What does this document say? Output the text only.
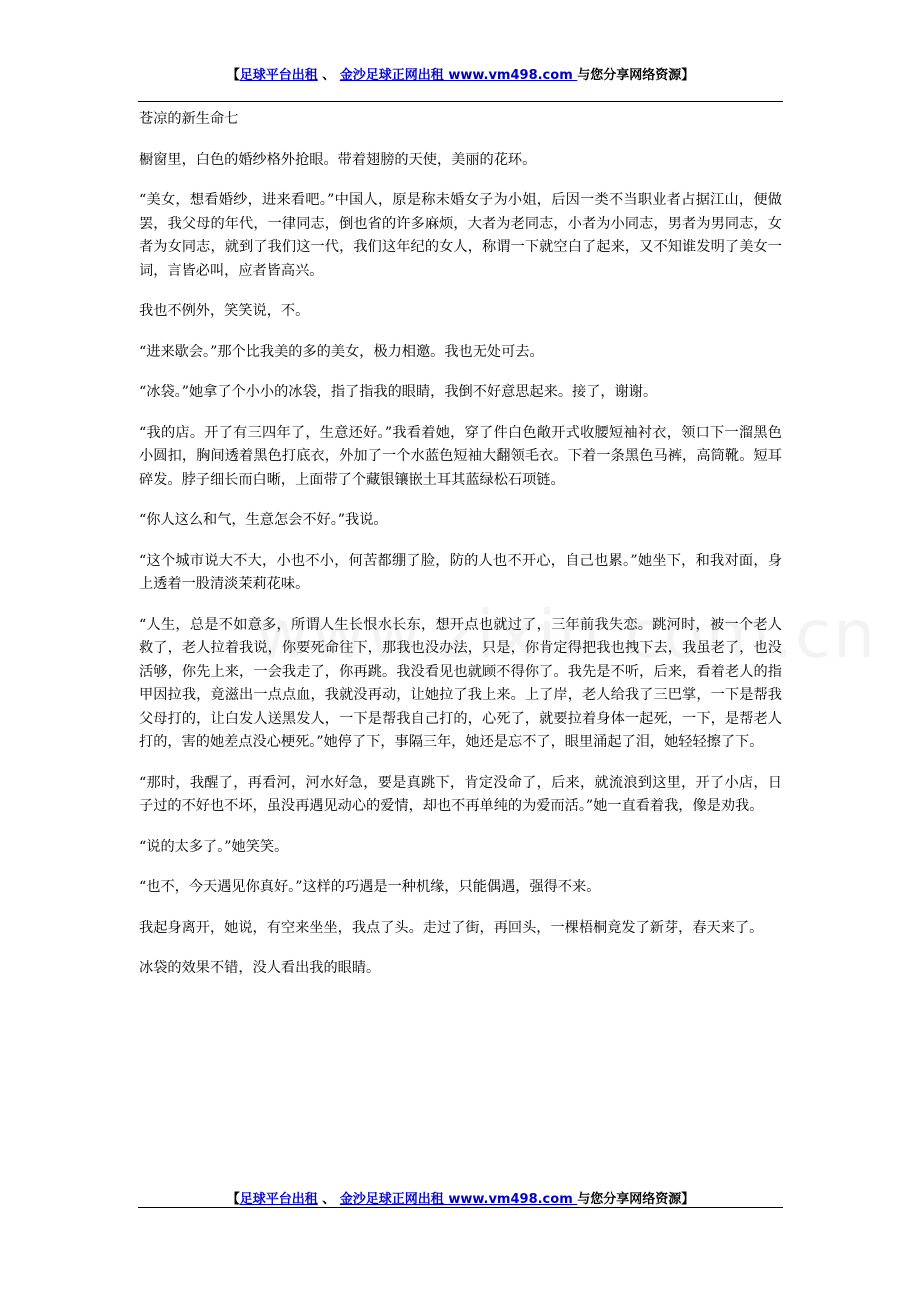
【足球平台出租 、 金沙足球正网出租 www.vm498.com 与您分享网络资源】

苍凉的新生命七

橱窗里，白色的婚纱格外抢眼。带着翅膀的天使，美丽的花环。

“美女，想看婚纱，进来看吧。”中国人，原是称未婚女子为小姐，后因一类不当职业者占据江山，便做罢，我父母的年代，一律同志，倒也省的许多麻烦，大者为老同志，小者为小同志，男者为男同志，女者为女同志，就到了我们这一代，我们这年纪的女人，称谓一下就空白了起来，又不知谁发明了美女一词，言皆必叫，应者皆高兴。

我也不例外，笑笑说，不。

“进来歇会。”那个比我美的多的美女，极力相邀。我也无处可去。

“冰袋。”她拿了个小小的冰袋，指了指我的眼睛，我倒不好意思起来。接了，谢谢。

“我的店。开了有三四年了，生意还好。”我看着她，穿了件白色敞开式收腰短袖衬衣，领口下一溜黑色小圆扣，胸间透着黑色打底衣，外加了一个水蓝色短袖大翻领毛衣。下着一条黑色马裤，高筒靴。短耳碎发。脖子细长而白晰，上面带了个藏银镶嵌土耳其蓝绿松石项链。

“你人这么和气，生意怎会不好。”我说。

“这个城市说大不大，小也不小，何苦都绷了脸，防的人也不开心，自己也累。”她坐下，和我对面，身上透着一股清淡茉莉花味。

“人生，总是不如意多，所谓人生长恨水长东，想开点也就过了，三年前我失恋。跳河时，被一个老人救了，老人拉着我说，你要死命往下，那我也没办法，只是，你肯定得把我也拽下去，我虽老了，也没活够，你先上来，一会我走了，你再跳。我没看见也就顾不得你了。我先是不听，后来，看着老人的指甲因拉我，竟滋出一点点血，我就没再动，让她拉了我上来。上了岸，老人给我了三巴掌，一下是帮我父母打的，让白发人送黑发人，一下是帮我自己打的，心死了，就要拉着身体一起死，一下，是帮老人打的，害的她差点没心梗死。”她停了下，事隔三年，她还是忘不了，眼里涌起了泪，她轻轻擦了下。

“那时，我醒了，再看河，河水好急，要是真跳下，肯定没命了，后来，就流浪到这里，开了小店，日子过的不好也不坏，虽没再遇见动心的爱情，却也不再单纯的为爱而活。”她一直看着我，像是劝我。

“说的太多了。”她笑笑。

“也不，今天遇见你真好。”这样的巧遇是一种机缘，只能偶遇，强得不来。

我起身离开，她说，有空来坐坐，我点了头。走过了街，再回头，一棵梧桐竟发了新芽，春天来了。

冰袋的效果不错，没人看出我的眼睛。

【足球平台出租 、 金沙足球正网出租 www.vm498.com 与您分享网络资源】
